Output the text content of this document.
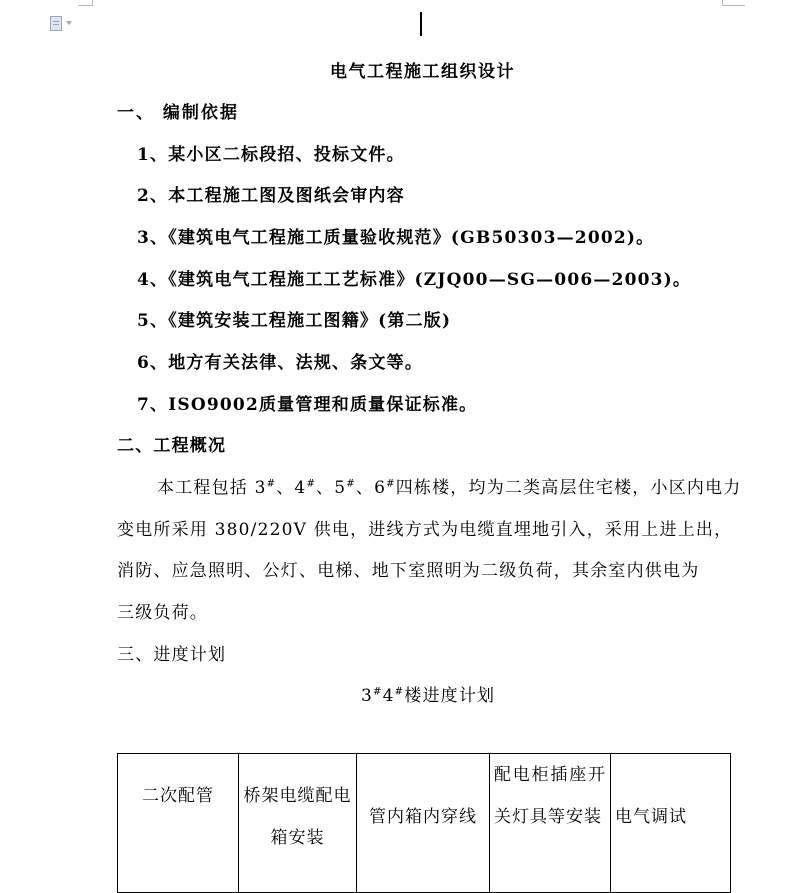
电气工程施工组织设计
一、 编制依据
1、某小区二标段招、投标文件。
2、本工程施工图及图纸会审内容
3、《建筑电气工程施工质量验收规范》(GB50303—2002)。
4、《建筑电气工程施工工艺标准》(ZJQ00—SG—006—2003)。
5、《建筑安装工程施工图籍》(第二版)
6、地方有关法律、法规、条文等。
7、ISO9002质量管理和质量保证标准。
二、工程概况
本工程包括 3#、4#、5#、6#四栋楼，均为二类高层住宅楼，小区内电力
变电所采用 380/220V 供电，进线方式为电缆直埋地引入，采用上进上出，
消防、应急照明、公灯、电梯、地下室照明为二级负荷，其余室内供电为
三级负荷。
三、进度计划
3#4#楼进度计划
二次配管	桥架电缆配电箱安装	管内箱内穿线	配电柜插座开关灯具等安装	电气调试
